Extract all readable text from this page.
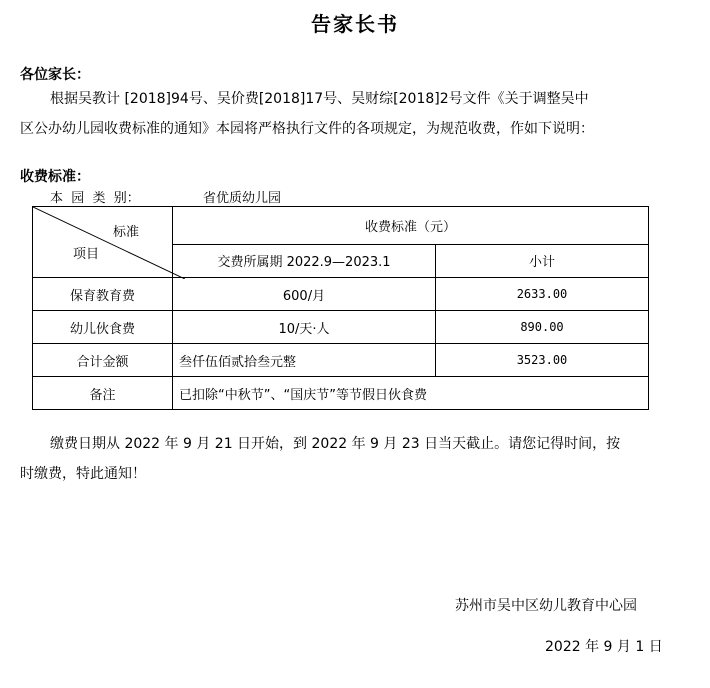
告家长书
各位家长：
根据吴教计 [2018]94号、吴价费[2018]17号、吴财综[2018]2号文件《关于调整吴中
区公办幼儿园收费标准的通知》本园将严格执行文件的各项规定，为规范收费，作如下说明：
收费标准：
本  园  类  别：	省优质幼儿园
标准
项目	收费标准（元）	
	交费所属期 2022.9—2023.1	小计
保育教育费	600/月	2633.00
幼儿伙食费	10/天·人	890.00
合计金额	叁仟伍佰贰拾叁元整	3523.00
备注	已扣除“中秋节”、“国庆节”等节假日伙食费	
缴费日期从 2022 年 9 月 21 日开始，到 2022 年 9 月 23 日当天截止。请您记得时间，按
时缴费，特此通知！
苏州市吴中区幼儿教育中心园
2022 年 9 月 1 日
